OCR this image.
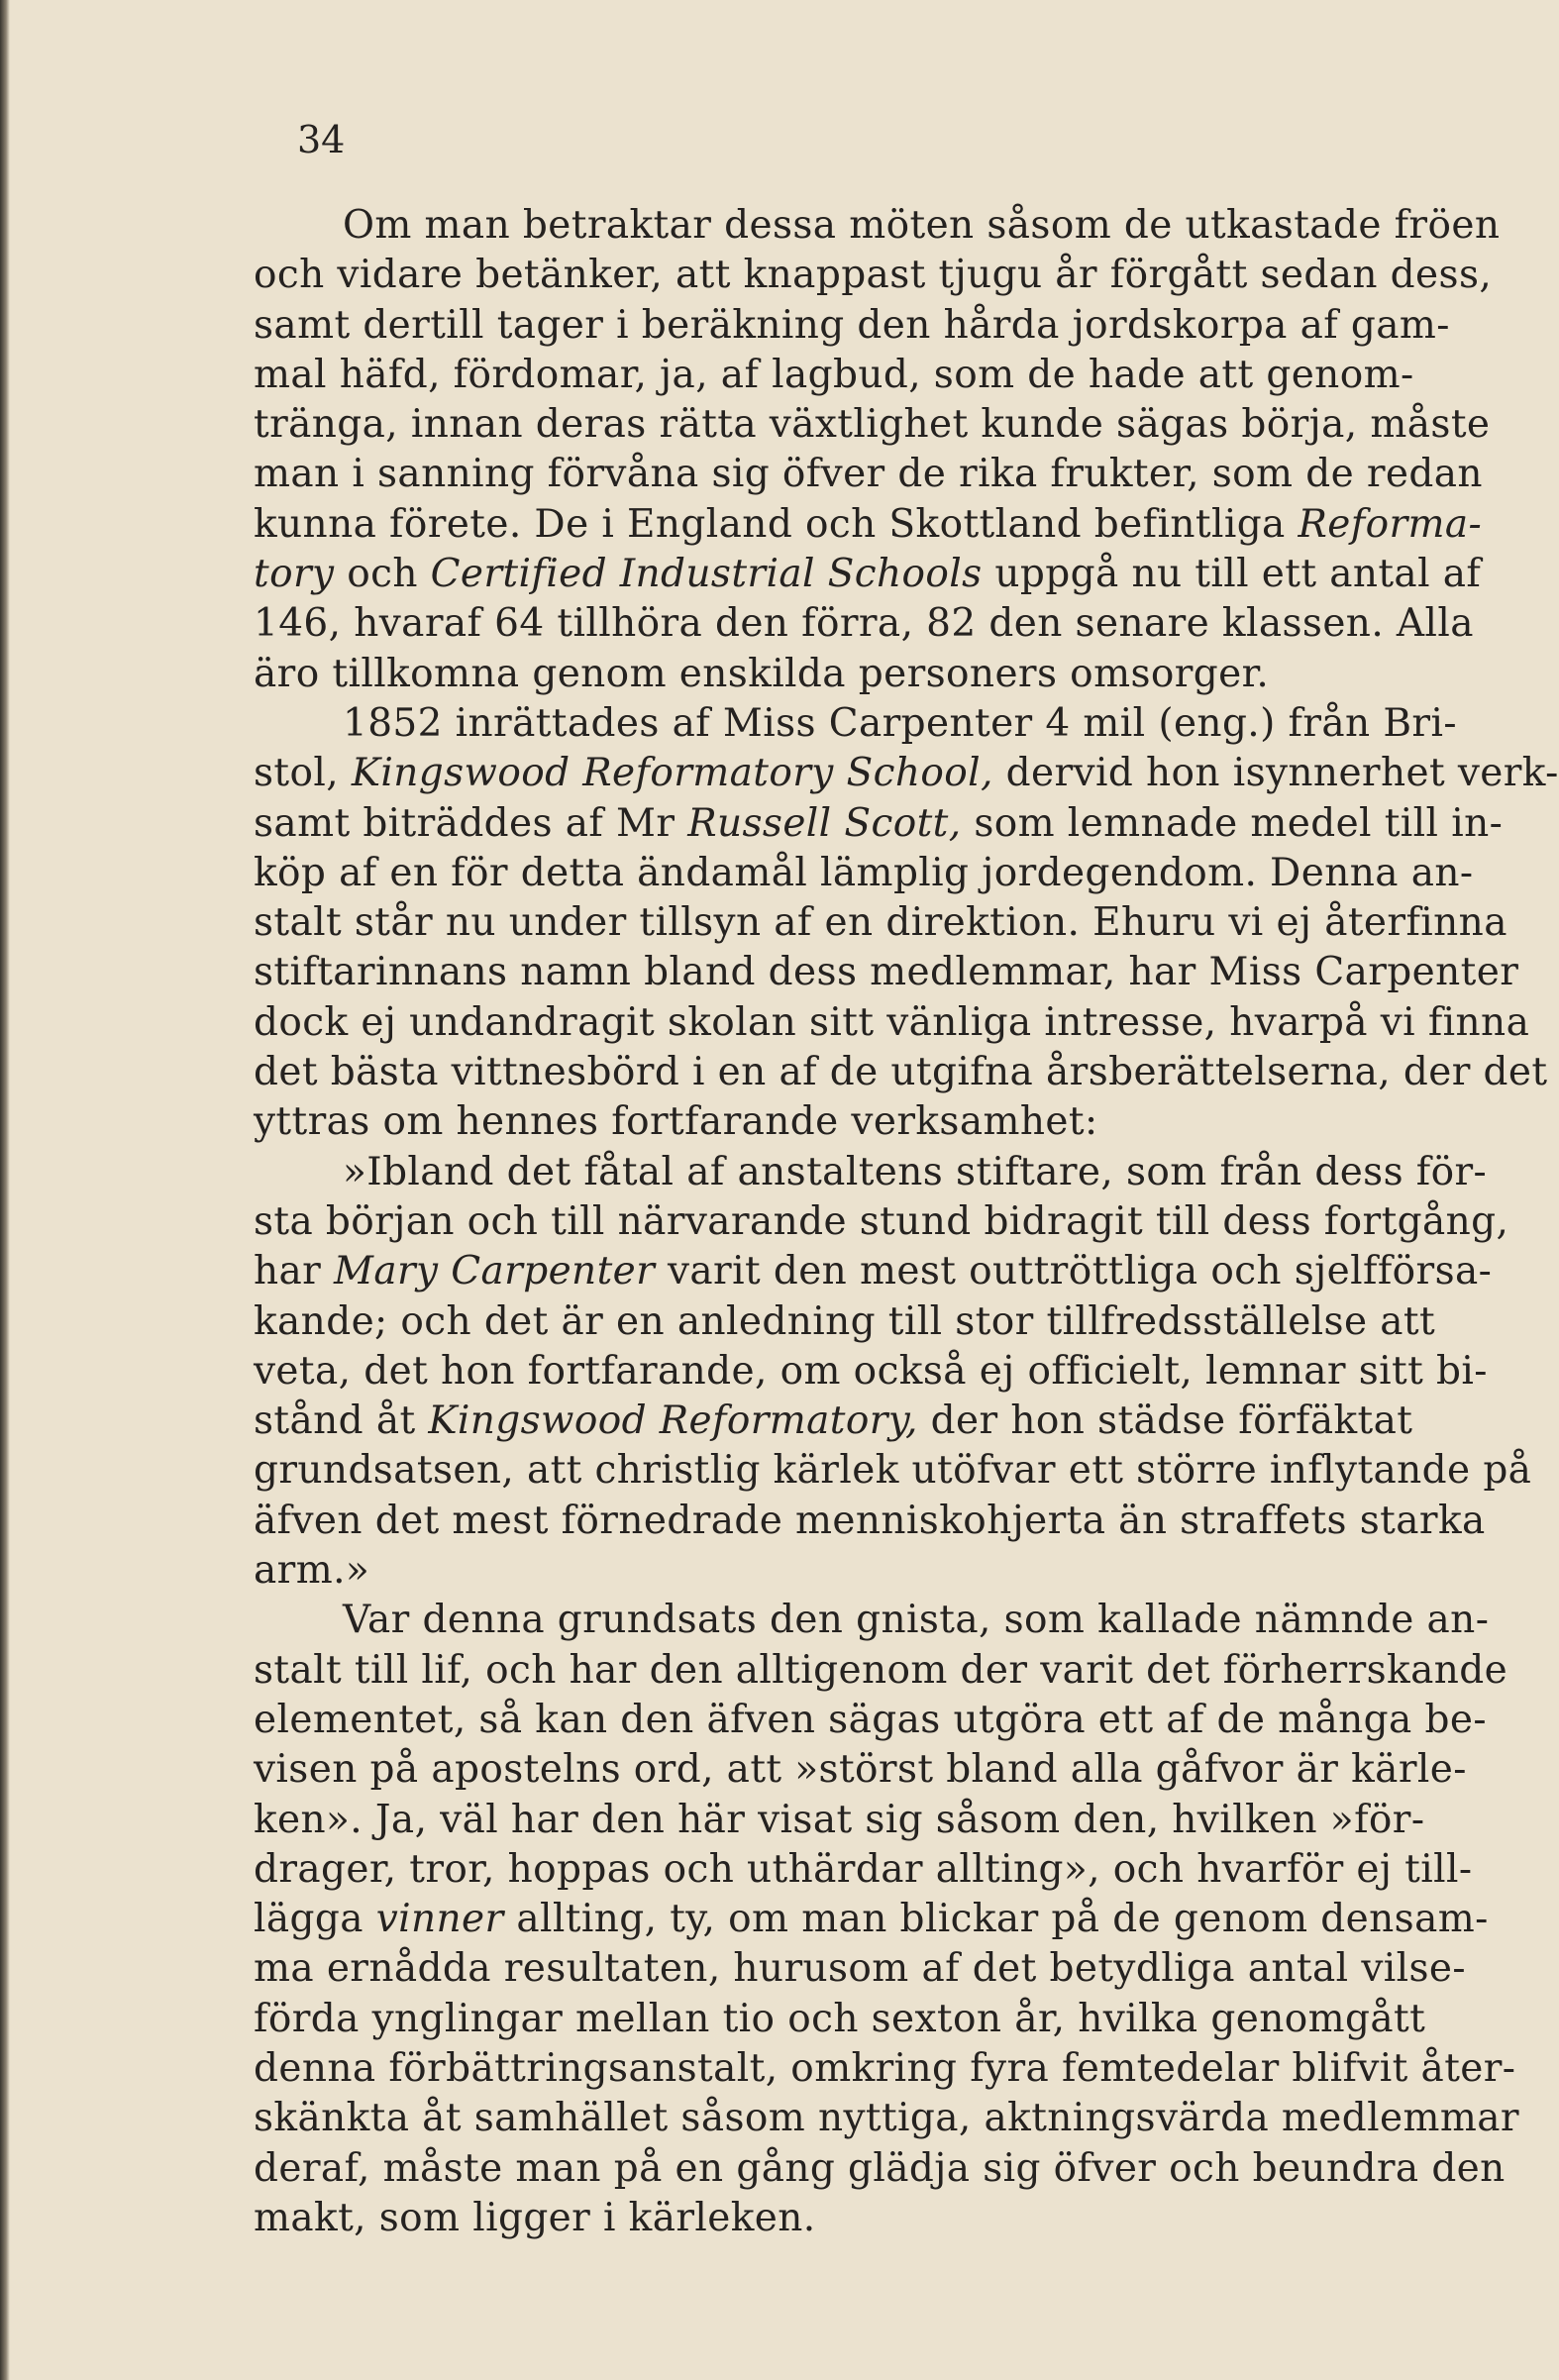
34
Om man betraktar dessa möten såsom de utkastade fröen
och vidare betänker, att knappast tjugu år förgått sedan dess,
samt dertill tager i beräkning den hårda jordskorpa af gam-
mal häfd, fördomar, ja, af lagbud, som de hade att genom-
tränga, innan deras rätta växtlighet kunde sägas börja, måste
man i sanning förvåna sig öfver de rika frukter, som de redan
kunna förete. De i England och Skottland befintliga Reforma-
tory och Certified Industrial Schools uppgå nu till ett antal af
146, hvaraf 64 tillhöra den förra, 82 den senare klassen. Alla
äro tillkomna genom enskilda personers omsorger.
1852 inrättades af Miss Carpenter 4 mil (eng.) från Bri-
stol, Kingswood Reformatory School, dervid hon isynnerhet verk-
samt biträddes af Mr Russell Scott, som lemnade medel till in-
köp af en för detta ändamål lämplig jordegendom. Denna an-
stalt står nu under tillsyn af en direktion. Ehuru vi ej återfinna
stiftarinnans namn bland dess medlemmar, har Miss Carpenter
dock ej undandragit skolan sitt vänliga intresse, hvarpå vi finna
det bästa vittnesbörd i en af de utgifna årsberättelserna, der det
yttras om hennes fortfarande verksamhet:
»Ibland det fåtal af anstaltens stiftare, som från dess för-
sta början och till närvarande stund bidragit till dess fortgång,
har Mary Carpenter varit den mest outtröttliga och sjelfförsa-
kande; och det är en anledning till stor tillfredsställelse att
veta, det hon fortfarande, om också ej officielt, lemnar sitt bi-
stånd åt Kingswood Reformatory, der hon städse förfäktat
grundsatsen, att christlig kärlek utöfvar ett större inflytande på
äfven det mest förnedrade menniskohjerta än straffets starka
arm.»
Var denna grundsats den gnista, som kallade nämnde an-
stalt till lif, och har den alltigenom der varit det förherrskande
elementet, så kan den äfven sägas utgöra ett af de många be-
visen på apostelns ord, att »störst bland alla gåfvor är kärle-
ken». Ja, väl har den här visat sig såsom den, hvilken »för-
drager, tror, hoppas och uthärdar allting», och hvarför ej till-
lägga vinner allting, ty, om man blickar på de genom densam-
ma ernådda resultaten, hurusom af det betydliga antal vilse-
förda ynglingar mellan tio och sexton år, hvilka genomgått
denna förbättringsanstalt, omkring fyra femtedelar blifvit åter-
skänkta åt samhället såsom nyttiga, aktningsvärda medlemmar
deraf, måste man på en gång glädja sig öfver och beundra den
makt, som ligger i kärleken.
